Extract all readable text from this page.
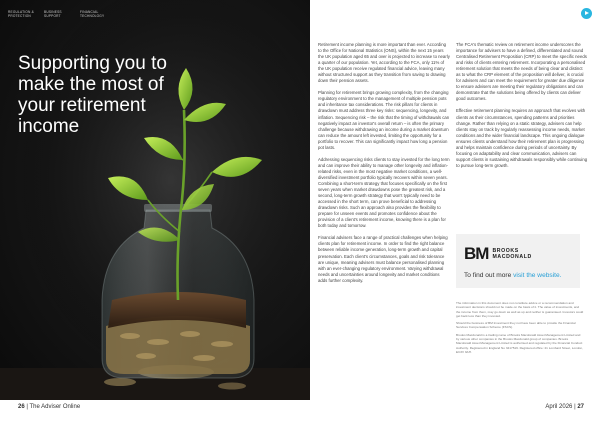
REGULATION & PROTECTION
BUSINESS SUPPORT
FINANCIAL TECHNOLOGY
Supporting you to make the most of your retirement income
26 | The Adviser Online

Retirement income planning is more important than ever. According to the Office for National Statistics (ONS), within the next 15 years the UK population aged 65 and over is projected to increase to nearly a quarter of our population. Yet, according to the FCA, only 11% of the UK population receive regulated financial advice, leaving many without structured support as they transition from saving to drawing down their pension assets.

Planning for retirement brings growing complexity, from the changing regulatory environment to the management of multiple pension pots and inheritance tax considerations. The risk pillars for clients in drawdown must address three key risks: sequencing, longevity, and inflation. Sequencing risk – the risk that the timing of withdrawals can negatively impact an investor's overall return – is often the primary challenge because withdrawing an income during a market downturn can reduce the amount left invested, limiting the opportunity for a portfolio to recover. This can significantly impact how long a pension pot lasts.

Addressing sequencing risks clients to stay invested for the long term and can improve their ability to manage other longevity and inflation-related risks, even in the most negative market conditions, a well-diversified investment portfolio typically recovers within seven years. Combining a short-term strategy that focuses specifically on the first seven years when market drawdowns pose the greatest risk, and a second, long-term growth strategy that won't typically need to be accessed in the short term, can prove beneficial to addressing drawdown risks. Such an approach also provides the flexibility to prepare for unseen events and promotes confidence about the provision of a client's retirement income, knowing there is a plan for both today and tomorrow.

Financial advisers face a range of practical challenges when helping clients plan for retirement income. In order to find the right balance between reliable income generation, long-term growth and capital preservation. Each client's circumstances, goals and risk tolerance are unique, meaning advisers must balance personalised planning with an ever-changing regulatory environment. Varying withdrawal needs and uncertainties around longevity and market conditions adds further complexity.

The FCA's thematic review on retirement income underscores the importance for advisers to have a defined, differentiated and sound Centralised Retirement Proposition (CRP) to meet the specific needs and risks of clients entering retirement. Incorporating a personalised retirement solution that meets the needs of being clear and distinct as to what the CRP element of the proposition will deliver, is crucial for advisers and can meet the requirement for greater due diligence to ensure advisers are meeting their regulatory obligations and can demonstrate that the solutions being offered by clients can deliver good outcomes.

Effective retirement planning requires an approach that evolves with clients as their circumstances, spending patterns and priorities change. Rather than relying on a static strategy, advisers can help clients stay on track by regularly reassessing income needs, market conditions and the wider financial landscape. This ongoing dialogue ensures clients understand how their retirement plan is progressing and helps maintain confidence during periods of uncertainty. By focusing on adaptability and clear communication, advisers can support clients in sustaining withdrawals responsibly while continuing to pursue long-term growth.

BM BROOKS
MACDONALD
To find out more visit the website.

The information in this document does not constitute advice or a recommendation and investment decisions should not be made on the basis of it. The value of investments, and the income from them, may go down as well as up and neither is guaranteed. Investors could get back less than they invested.

Should the business of BM Investment they not have been able to provide the Financial Services Compensation Scheme (FSCS).

Brooks Macdonald is a trading name of Brooks Macdonald Asset Management Limited and by various other companies in the Brooks Macdonald group of companies. Brooks Macdonald Asset Management Limited is authorised and regulated by the Financial Conduct Authority. Registered in England No 3417519. Registered office: 21 Lombard Street, London, EC3V 9AH.

April 2026 | 27
